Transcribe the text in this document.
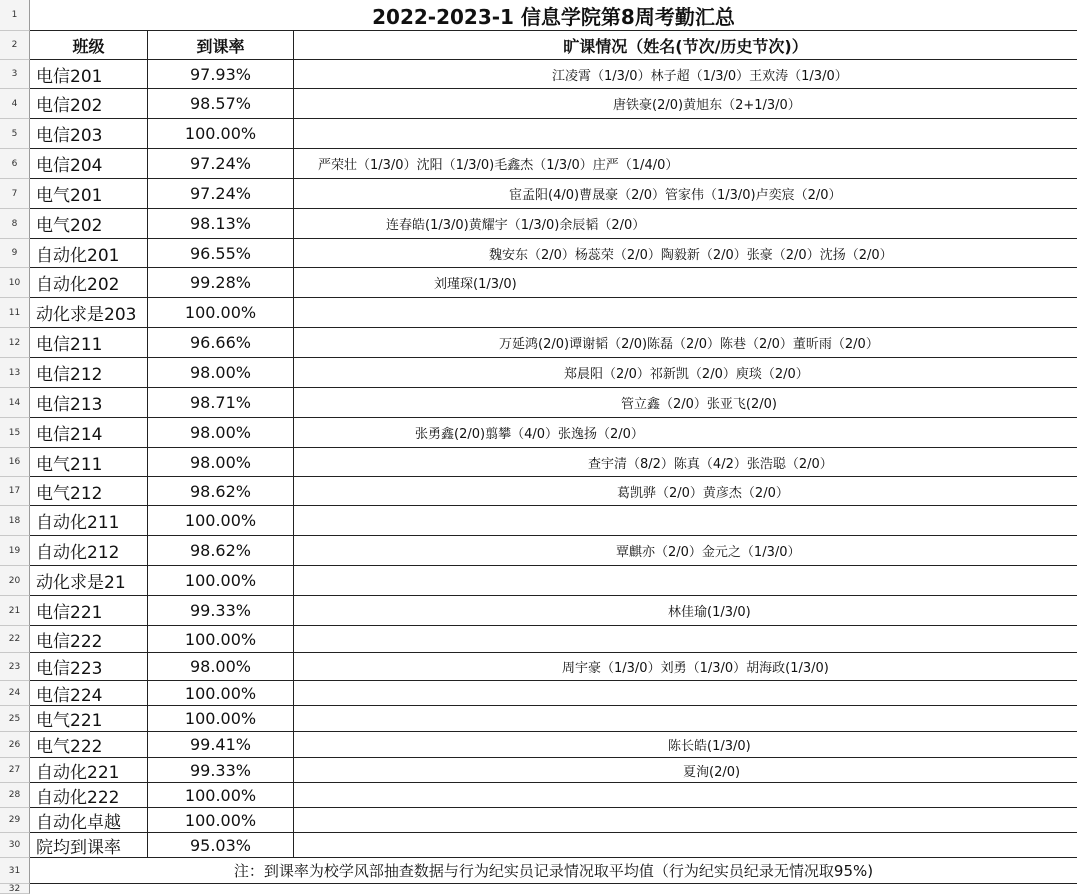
1
2
3
4
5
6
7
8
9
10
11
12
13
14
15
16
17
18
19
20
21
22
23
24
25
26
27
28
29
30
31
32
2022-2023-1 信息学院第8周考勤汇总
班级	到课率	旷课情况（姓名(节次/历史节次)）
电信201	97.93%	江凌霄（1/3/0）林子超（1/3/0）王欢涛（1/3/0）
电信202	98.57%	唐铁豪(2/0)黄旭东（2+1/3/0）
电信203	100.00%
电信204	97.24%	严荣壮（1/3/0）沈阳（1/3/0)毛鑫杰（1/3/0）庄严（1/4/0）
电气201	97.24%	宦孟阳(4/0)曹晟豪（2/0）管家伟（1/3/0)卢奕宸（2/0）
电气202	98.13%	连春皓(1/3/0)黄耀宇（1/3/0)余辰韬（2/0）
自动化201	96.55%	魏安东（2/0）杨蕊荣（2/0）陶毅新（2/0）张豪（2/0）沈扬（2/0）
自动化202	99.28%	刘瑾琛(1/3/0)
动化求是203	100.00%
电信211	96.66%	万延鸿(2/0)谭谢韬（2/0)陈磊（2/0）陈巷（2/0）董昕雨（2/0）
电信212	98.00%	郑晨阳（2/0）祁新凯（2/0）庾琰（2/0）
电信213	98.71%	管立鑫（2/0）张亚飞(2/0)
电信214	98.00%	张勇鑫(2/0)翦攀（4/0）张逸扬（2/0）
电气211	98.00%	查宇清（8/2）陈真（4/2）张浩聪（2/0）
电气212	98.62%	葛凯骅（2/0）黄彦杰（2/0）
自动化211	100.00%
自动化212	98.62%	覃麒亦（2/0）金元之（1/3/0）
动化求是21	100.00%
电信221	99.33%	林佳瑜(1/3/0)
电信222	100.00%
电信223	98.00%	周宇豪（1/3/0）刘勇（1/3/0）胡海政(1/3/0)
电信224	100.00%
电气221	100.00%
电气222	99.41%	陈长皓(1/3/0)
自动化221	99.33%	夏洵(2/0)
自动化222	100.00%
自动化卓越	100.00%
院均到课率	95.03%
注：到课率为校学风部抽查数据与行为纪实员记录情况取平均值（行为纪实员纪录无情况取95%)
